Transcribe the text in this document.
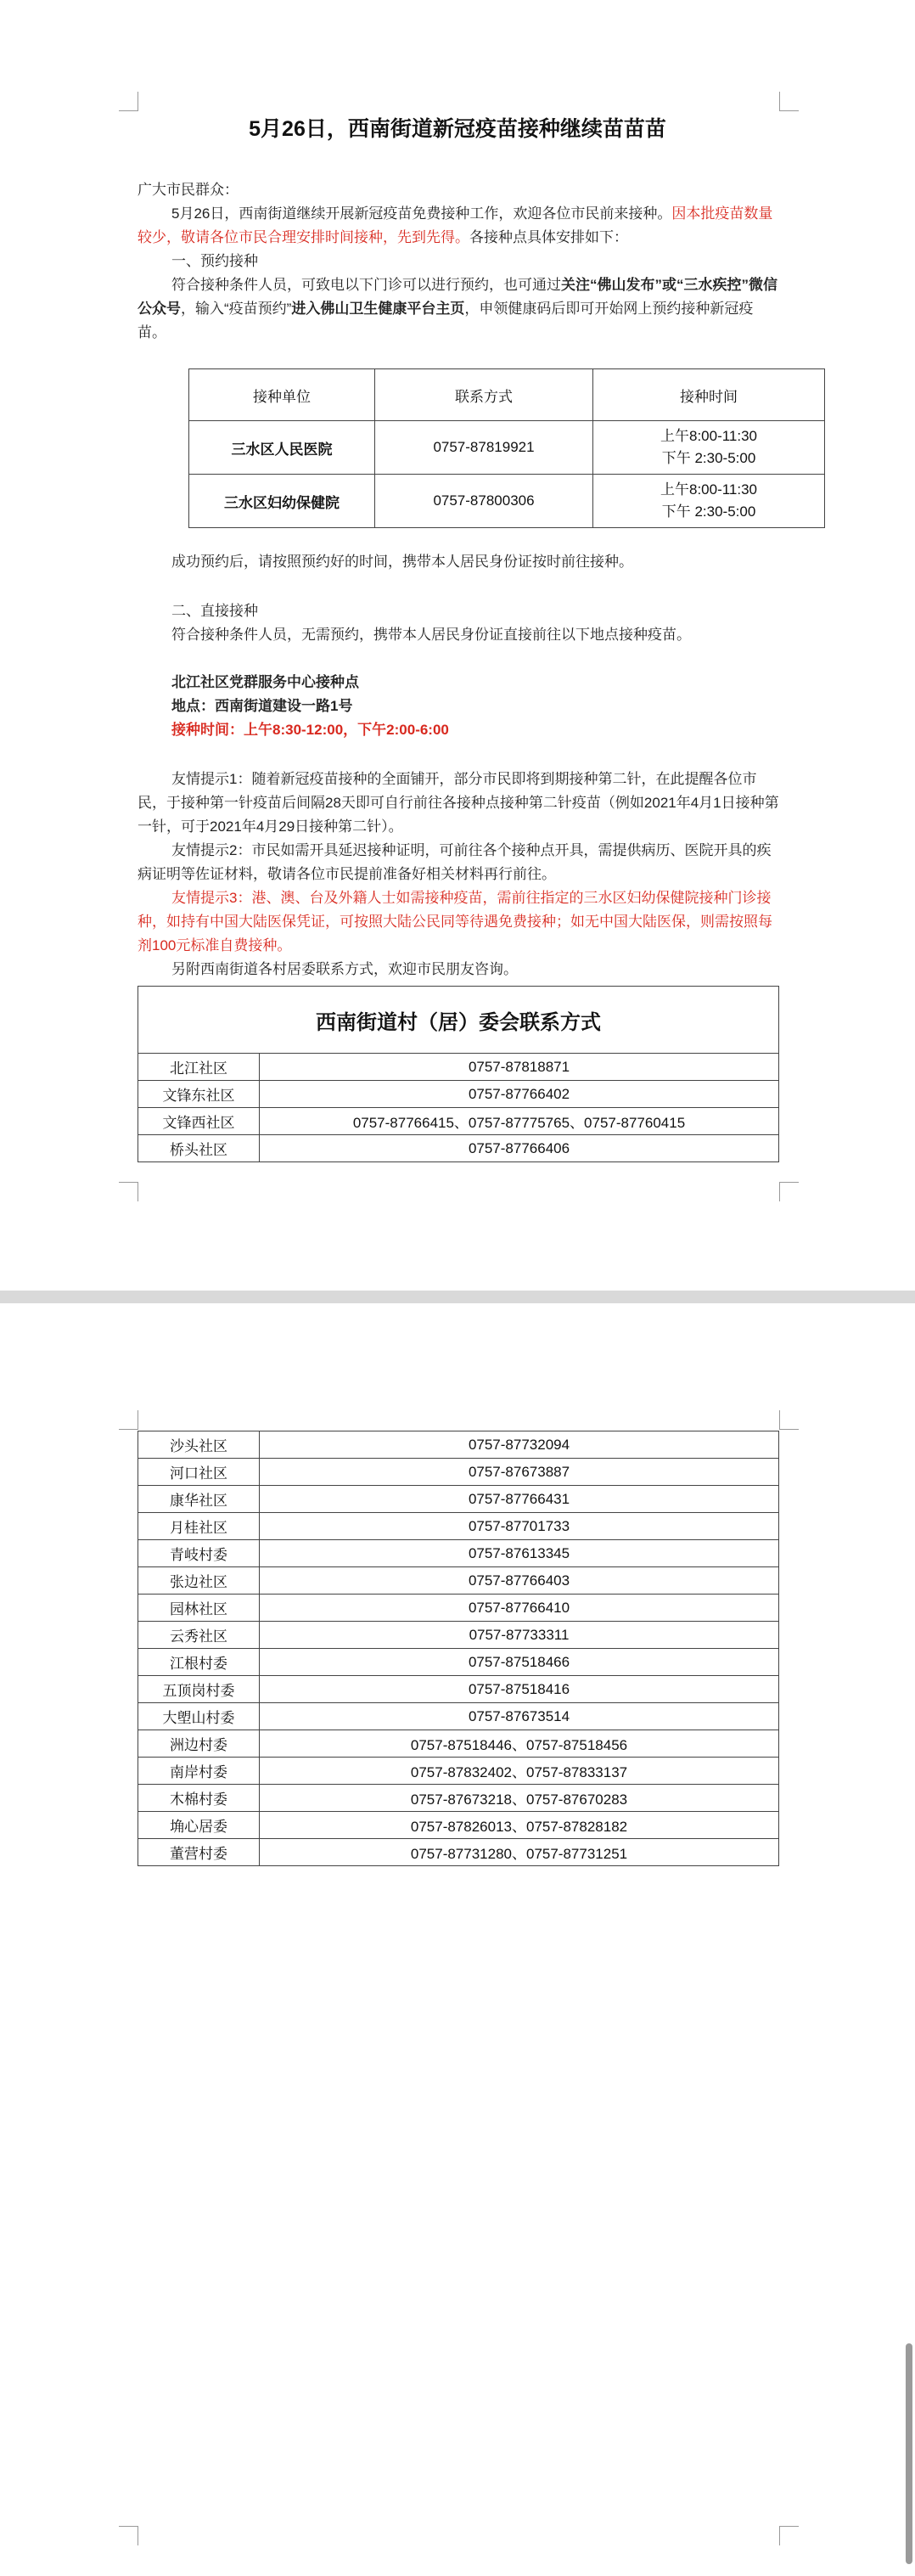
5月26日，西南街道新冠疫苗接种继续苗苗苗

广大市民群众：

5月26日，西南街道继续开展新冠疫苗免费接种工作，欢迎各位市民前来接种。因本批疫苗数量较少，敬请各位市民合理安排时间接种，先到先得。各接种点具体安排如下：

一、预约接种

符合接种条件人员，可致电以下门诊可以进行预约，也可通过关注“佛山发布”或“三水疾控”微信公众号，输入“疫苗预约”进入佛山卫生健康平台主页，申领健康码后即可开始网上预约接种新冠疫苗。

接种单位	联系方式	接种时间
三水区人民医院	0757-87819921	上午8:00-11:30
下午 2:30-5:00

三水区妇幼保健院	0757-87800306	上午8:00-11:30
下午 2:30-5:00

成功预约后，请按照预约好的时间，携带本人居民身份证按时前往接种。

二、直接接种

符合接种条件人员，无需预约，携带本人居民身份证直接前往以下地点接种疫苗。

北江社区党群服务中心接种点

地点：西南街道建设一路1号

接种时间：上午8:30-12:00，下午2:00-6:00

友情提示1：随着新冠疫苗接种的全面铺开，部分市民即将到期接种第二针，在此提醒各位市民，于接种第一针疫苗后间隔28天即可自行前往各接种点接种第二针疫苗（例如2021年4月1日接种第一针，可于2021年4月29日接种第二针）。

友情提示2：市民如需开具延迟接种证明，可前往各个接种点开具，需提供病历、医院开具的疾病证明等佐证材料，敬请各位市民提前准备好相关材料再行前往。

友情提示3：港、澳、台及外籍人士如需接种疫苗，需前往指定的三水区妇幼保健院接种门诊接种，如持有中国大陆医保凭证，可按照大陆公民同等待遇免费接种；如无中国大陆医保，则需按照每剂100元标准自费接种。

另附西南街道各村居委联系方式，欢迎市民朋友咨询。

西南街道村（居）委会联系方式	
北江社区	0757-87818871
文锋东社区	0757-87766402
文锋西社区	0757-87766415、0757-87775765、0757-87760415
桥头社区	0757-87766406
沙头社区	0757-87732094
河口社区	0757-87673887
康华社区	0757-87766431
月桂社区	0757-87701733
青岐村委	0757-87613345
张边社区	0757-87766403
园林社区	0757-87766410
云秀社区	0757-87733311
江根村委	0757-87518466
五顶岗村委	0757-87518416
大塱山村委	0757-87673514
洲边村委	0757-87518446、0757-87518456
南岸村委	0757-87832402、0757-87833137
木棉村委	0757-87673218、0757-87670283
埆心居委	0757-87826013、0757-87828182
董营村委	0757-87731280、0757-87731251
